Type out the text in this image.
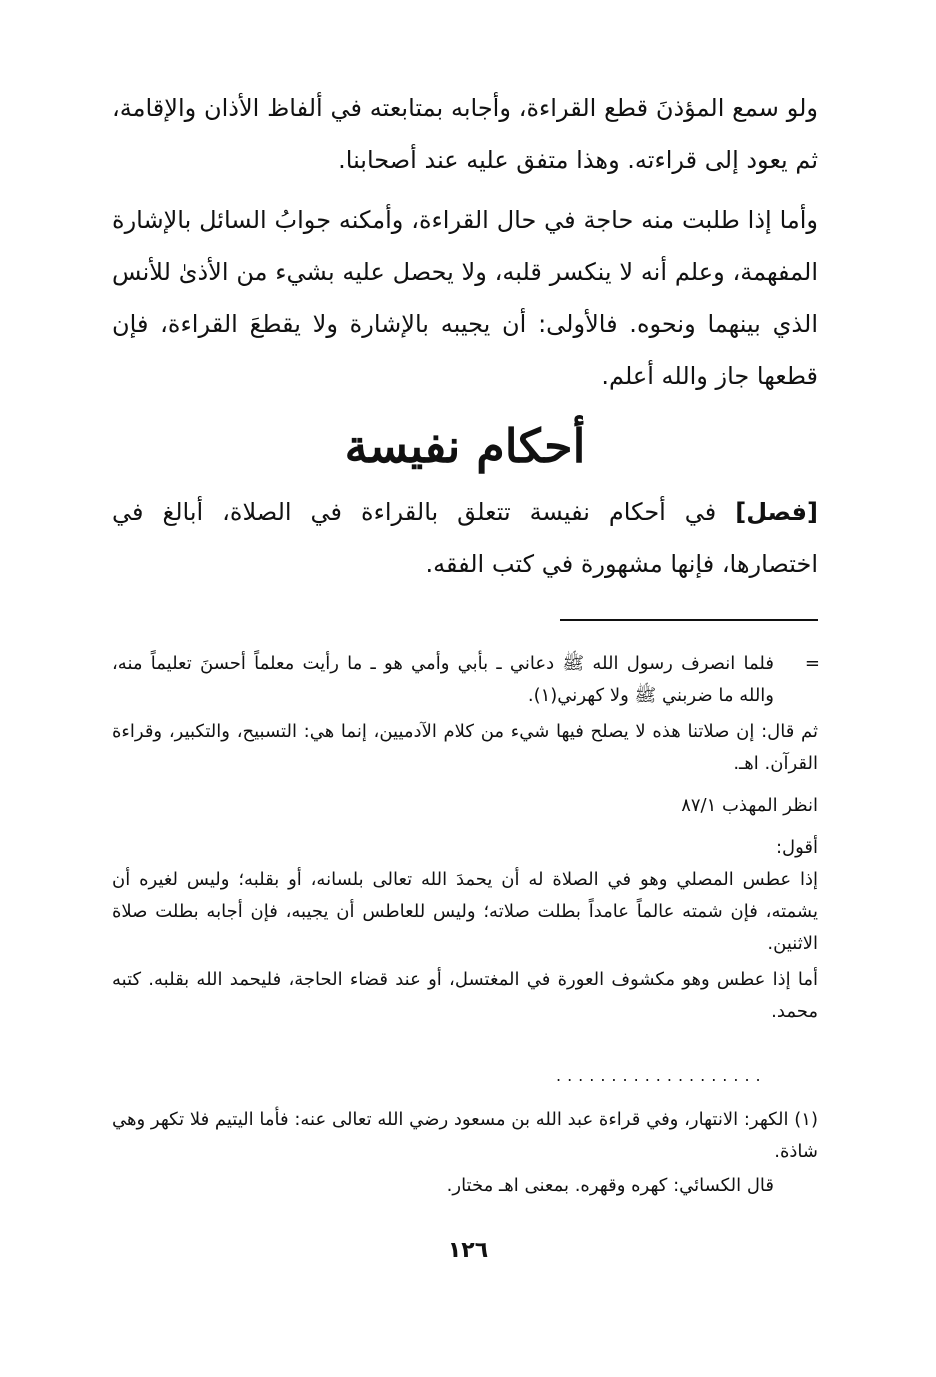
ولو سمع المؤذنَ قطع القراءة، وأجابه بمتابعته في ألفاظ الأذان والإقامة، ثم يعود إلى قراءته. وهذا متفق عليه عند أصحابنا.

وأما إذا طلبت منه حاجة في حال القراءة، وأمكنه جوابُ السائل بالإشارة المفهمة، وعلم أنه لا ينكسر قلبه، ولا يحصل عليه بشيء من الأذىٰ للأنس الذي بينهما ونحوه. فالأولى: أن يجيبه بالإشارة ولا يقطعَ القراءة، فإن قطعها جاز والله أعلم.

أحكام نفيسة

[فصل] في أحكام نفيسة تتعلق بالقراءة في الصلاة، أبالغ في اختصارها، فإنها مشهورة في كتب الفقه.

=
فلما انصرف رسول الله ﷺ دعاني ـ بأبي وأمي هو ـ ما رأيت معلماً أحسنَ تعليماً منه، والله ما ضربني ﷺ ولا كهرني(١).
ثم قال: إن صلاتنا هذه لا يصلح فيها شيء من كلام الآدميين، إنما هي: التسبيح، والتكبير، وقراءة القرآن. اهـ.
انظر المهذب ٨٧/١
أقول:
إذا عطس المصلي وهو في الصلاة له أن يحمدَ الله تعالى بلسانه، أو بقلبه؛ وليس لغيره أن يشمته، فإن شمته عالماً عامداً بطلت صلاته؛ وليس للعاطس أن يجيبه، فإن أجابه بطلت صلاة الاثنين.
أما إذا عطس وهو مكشوف العورة في المغتسل، أو عند قضاء الحاجة، فليحمد الله بقلبه. كتبه محمد.
...................
(١) الكهر: الانتهار، وفي قراءة عبد الله بن مسعود رضي الله تعالى عنه: فأما اليتيم فلا تكهر وهي شاذة.
قال الكسائي: كهره وقهره. بمعنى اهـ مختار.
١٢٦
